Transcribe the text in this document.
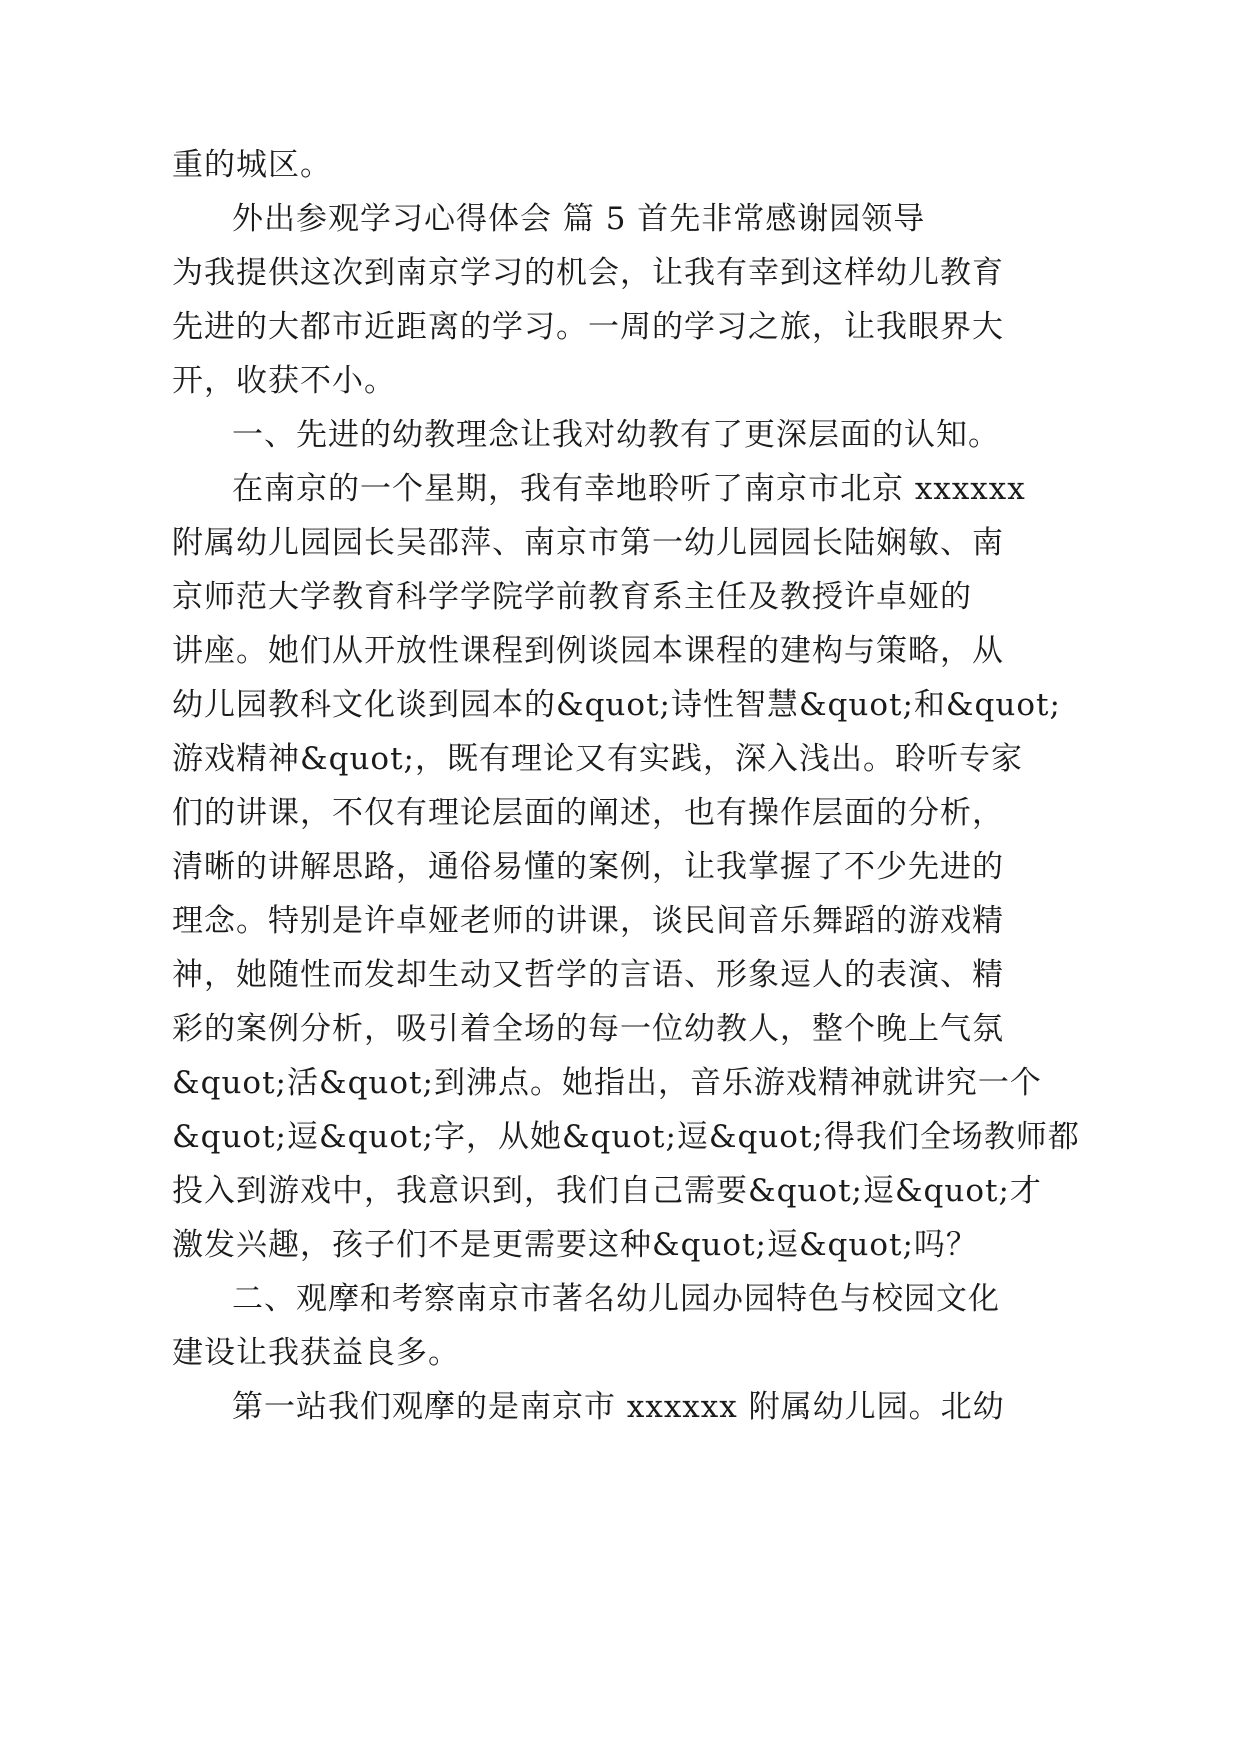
重的城区。
外出参观学习心得体会 篇 5 首先非常感谢园领导
为我提供这次到南京学习的机会，让我有幸到这样幼儿教育
先进的大都市近距离的学习。一周的学习之旅，让我眼界大
开，收获不小。
一、先进的幼教理念让我对幼教有了更深层面的认知。
在南京的一个星期，我有幸地聆听了南京市北京 xxxxxx
附属幼儿园园长吴邵萍、南京市第一幼儿园园长陆娴敏、南
京师范大学教育科学学院学前教育系主任及教授许卓娅的
讲座。她们从开放性课程到例谈园本课程的建构与策略，从
幼儿园教科文化谈到园本的&quot;诗性智慧&quot;和&quot;
游戏精神&quot;，既有理论又有实践，深入浅出。聆听专家
们的讲课，不仅有理论层面的阐述，也有操作层面的分析，
清晰的讲解思路，通俗易懂的案例，让我掌握了不少先进的
理念。特别是许卓娅老师的讲课，谈民间音乐舞蹈的游戏精
神，她随性而发却生动又哲学的言语、形象逗人的表演、精
彩的案例分析，吸引着全场的每一位幼教人，整个晚上气氛
&quot;活&quot;到沸点。她指出，音乐游戏精神就讲究一个
&quot;逗&quot;字，从她&quot;逗&quot;得我们全场教师都
投入到游戏中，我意识到，我们自己需要&quot;逗&quot;才
激发兴趣，孩子们不是更需要这种&quot;逗&quot;吗？
二、观摩和考察南京市著名幼儿园办园特色与校园文化
建设让我获益良多。
第一站我们观摩的是南京市 xxxxxx 附属幼儿园。北幼
